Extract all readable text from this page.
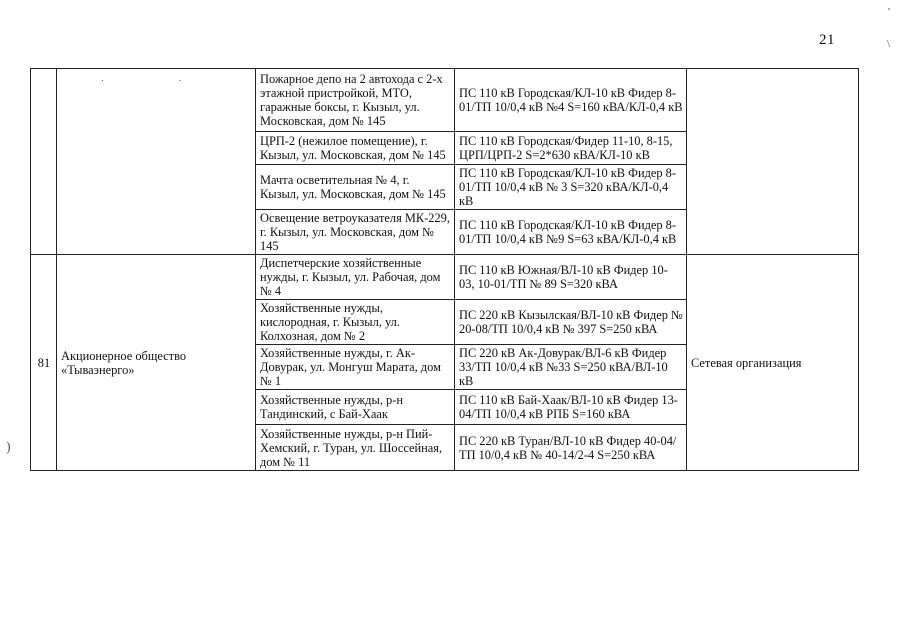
21
'
\
)
	. .	Пожарное депо на 2 автохода с 2-х этажной пристройкой, МТО, гаражные боксы, г. Кызыл, ул. Московская, дом № 145	ПС 110 кВ Городская/КЛ-10 кВ Фидер 8-01/ТП 10/0,4 кВ №4 S=160 кВА/КЛ-0,4 кВ	
		ЦРП-2 (нежилое помещение), г. Кызыл, ул. Московская, дом № 145	ПС 110 кВ Городская/Фидер 11-10, 8-15, ЦРП/ЦРП-2 S=2*630 кВА/КЛ-10 кВ	
		Мачта осветительная № 4, г. Кызыл, ул. Московская, дом № 145	ПС 110 кВ Городская/КЛ-10 кВ Фидер 8-01/ТП 10/0,4 кВ № 3 S=320 кВА/КЛ-0,4 кВ	
		Освещение ветроуказателя МК-229, г. Кызыл, ул. Московская, дом № 145	ПС 110 кВ Городская/КЛ-10 кВ Фидер 8-01/ТП 10/0,4 кВ №9 S=63 кВА/КЛ-0,4 кВ	
81	Акционерное общество «Тываэнерго»	Диспетчерские хозяйственные нужды, г. Кызыл, ул. Рабочая, дом № 4	ПС 110 кВ Южная/ВЛ-10 кВ Фидер 10-03, 10-01/ТП № 89 S=320 кВА	Сетевая организация
		Хозяйственные нужды, кислородная, г. Кызыл, ул. Колхозная, дом № 2	ПС 220 кВ Кызылская/ВЛ-10 кВ Фидер № 20-08/ТП 10/0,4 кВ № 397 S=250 кВА	
		Хозяйственные нужды, г. Ак-Довурак, ул. Монгуш Марата, дом № 1	ПС 220 кВ Ак-Довурак/ВЛ-6 кВ Фидер 33/ТП 10/0,4 кВ №33 S=250 кВА/ВЛ-10 кВ	
		Хозяйственные нужды, р-н Тандинский, с Бай-Хаак	ПС 110 кВ Бай-Хаак/ВЛ-10 кВ Фидер 13-04/ТП 10/0,4 кВ РПБ S=160 кВА	
		Хозяйственные нужды, р-н Пий-Хемский, г. Туран, ул. Шоссейная, дом № 11	ПС 220 кВ Туран/ВЛ-10 кВ Фидер 40-04/ТП 10/0,4 кВ № 40-14/2-4 S=250 кВА	
